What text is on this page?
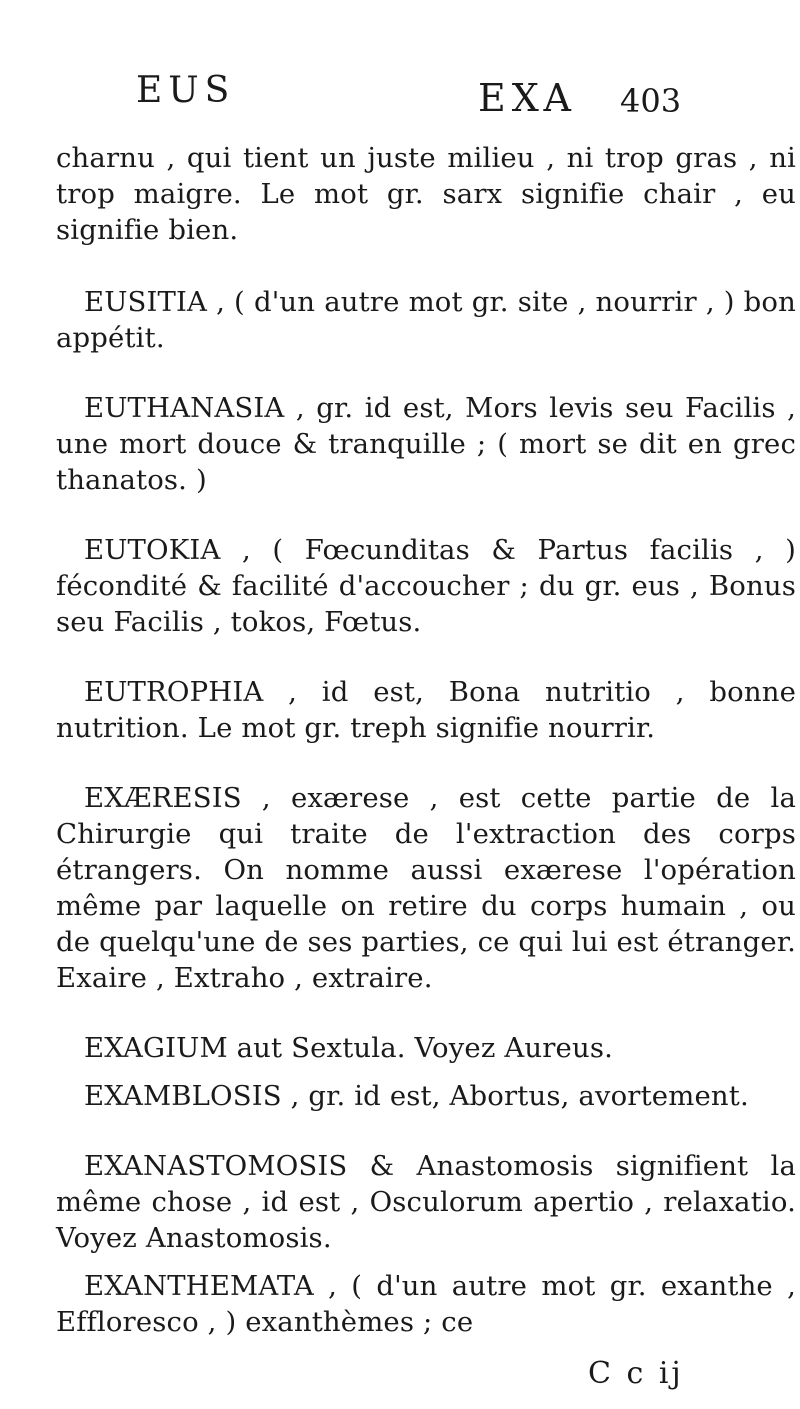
EUS	EXA 403

charnu , qui tient un juste milieu , ni trop gras , ni trop maigre. Le mot gr. sarx signifie chair , eu signifie bien.

EUSITIA , ( d'un autre mot gr. site , nourrir , ) bon appétit.

EUTHANASIA , gr. id est, Mors levis seu Facilis , une mort douce & tranquille ; ( mort se dit en grec thanatos. )

EUTOKIA , ( Fœcunditas & Partus facilis , ) fécondité & facilité d'accoucher ; du gr. eus , Bonus seu Facilis , tokos, Fœtus.

EUTROPHIA , id est, Bona nutritio , bonne nutrition. Le mot gr. treph signifie nourrir.

EXÆRESIS , exærese , est cette partie de la Chirurgie qui traite de l'extraction des corps étrangers. On nomme aussi exærese l'opération même par laquelle on retire du corps humain , ou de quelqu'une de ses parties, ce qui lui est étranger. Exaire , Extraho , extraire.

EXAGIUM aut Sextula. Voyez Aureus.

EXAMBLOSIS , gr. id est, Abortus, avortement.

EXANASTOMOSIS & Anastomosis signifient la même chose , id est , Osculorum apertio , relaxatio. Voyez Anastomosis.

EXANTHEMATA , ( d'un autre mot gr. exanthe , Effloresco , ) exanthèmes ; ce

C c ij
